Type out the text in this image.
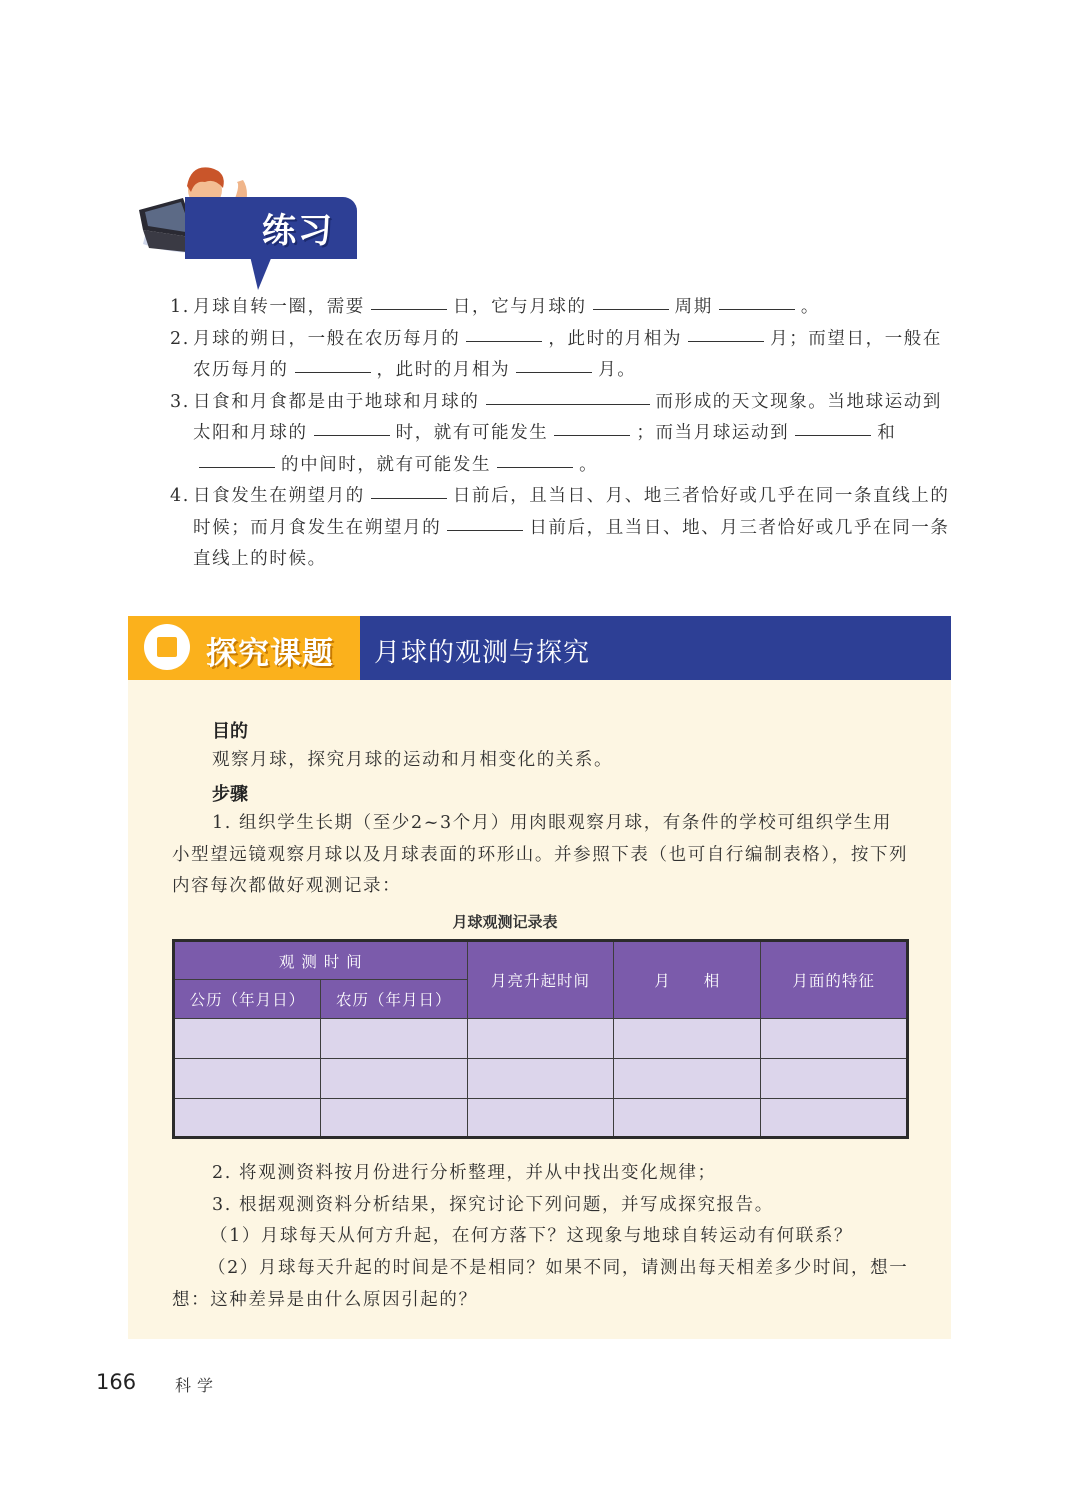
练习
1. 月球自转一圈，需要	日，它与月球的	周期	。
2. 月球的朔日，一般在农历每月的	，此时的月相为	月；而望日，一般在农历每月的	，此时的月相为	月。
3. 日食和月食都是由于地球和月球的	而形成的天文现象。当地球运动到太阳和月球的	时，就有可能发生	；而当月球运动到	和的中间时，就有可能发生	。
4. 日食发生在朔望月的	日前后，且当日、月、地三者恰好或几乎在同一条直线上的时候；而月食发生在朔望月的	日前后，且当日、地、月三者恰好或几乎在同一条直线上的时候。
探究课题 月球的观测与探究
目的
观察月球，探究月球的运动和月相变化的关系。
步骤
1. 组织学生长期（至少2~3个月）用肉眼观察月球，有条件的学校可组织学生用小型望远镜观察月球以及月球表面的环形山。并参照下表（也可自行编制表格），按下列内容每次都做好观测记录：
月球观测记录表
观 测 时 间		月亮升起时间	月　　相	月面的特征
公历（年月日）	农历（年月日）			

2. 将观测资料按月份进行分析整理，并从中找出变化规律；
3. 根据观测资料分析结果，探究讨论下列问题，并写成探究报告。
（1）月球每天从何方升起，在何方落下？这现象与地球自转运动有何联系？
（2）月球每天升起的时间是不是相同？如果不同，请测出每天相差多少时间，想一想：这种差异是由什么原因引起的？
166 科学
